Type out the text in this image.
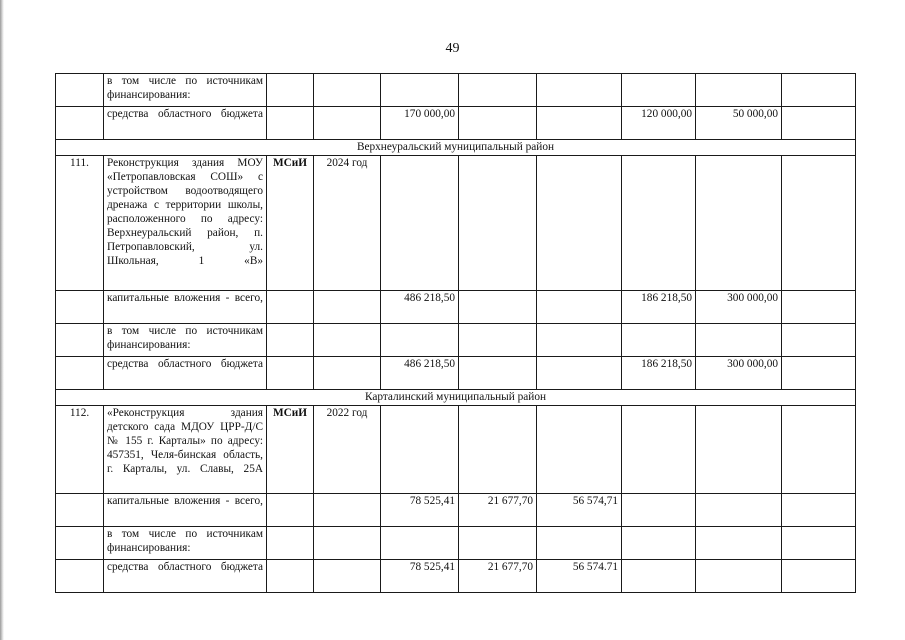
49
	в том числе по источникам финансирования:								
	средства областного бюджета			170 000,00			120 000,00	50 000,00	
Верхнеуральский муниципальный район									
111.	Реконструкция здания МОУ «Петропавловская СОШ» с устройством водоотводящего дренажа с территории школы, расположенного по адресу: Верхнеуральский район, п. Петропавловский, ул. Школьная, 1 «В»	МСиИ	2024 год						
	капитальные вложения - всего,			486 218,50			186 218,50	300 000,00	
	в том числе по источникам финансирования:								
	средства областного бюджета			486 218,50			186 218,50	300 000,00	
Карталинский муниципальный район									
112.	«Реконструкция здания детского сада МДОУ ЦРР-Д/С № 155 г. Карталы» по адресу: 457351, Челя-бинская область, г. Карталы, ул. Славы, 25А	МСиИ	2022 год						
	капитальные вложения - всего,			78 525,41	21 677,70	56 574,71			
	в том числе по источникам финансирования:								
	средства областного бюджета			78 525,41	21 677,70	56 574.71			
